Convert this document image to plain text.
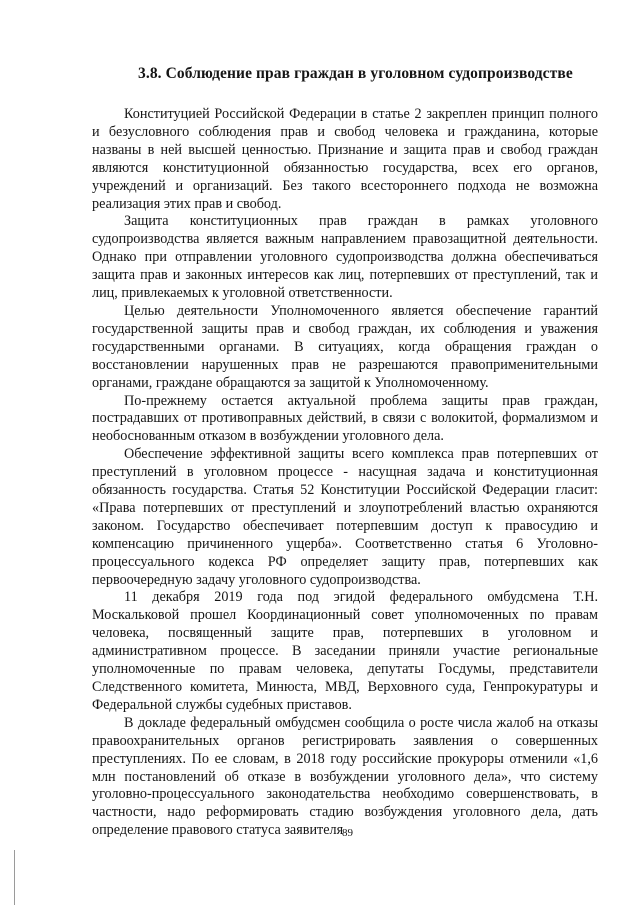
3.8. Соблюдение прав граждан в уголовном судопроизводстве

Конституцией Российской Федерации в статье 2 закреплен принцип полного и безусловного соблюдения прав и свобод человека и гражданина, которые названы в ней высшей ценностью. Признание и защита прав и свобод граждан являются конституционной обязанностью государства, всех его органов, учреждений и организаций. Без такого всестороннего подхода не возможна реализация этих прав и свобод.

Защита конституционных прав граждан в рамках уголовного судопроизводства является важным направлением правозащитной деятельности. Однако при отправлении уголовного судопроизводства должна обеспечиваться защита прав и законных интересов как лиц, потерпевших от преступлений, так и лиц, привлекаемых к уголовной ответственности.

Целью деятельности Уполномоченного является обеспечение гарантий государственной защиты прав и свобод граждан, их соблюдения и уважения государственными органами. В ситуациях, когда обращения граждан о восстановлении нарушенных прав не разрешаются правоприменительными органами, граждане обращаются за защитой к Уполномоченному.

По-прежнему остается актуальной проблема защиты прав граждан, пострадавших от противоправных действий, в связи с волокитой, формализмом и необоснованным отказом в возбуждении уголовного дела.

Обеспечение эффективной защиты всего комплекса прав потерпевших от преступлений в уголовном процессе - насущная задача и конституционная обязанность государства. Статья 52 Конституции Российской Федерации гласит: «Права потерпевших от преступлений и злоупотреблений властью охраняются законом. Государство обеспечивает потерпевшим доступ к правосудию и компенсацию причиненного ущерба». Соответственно статья 6 Уголовно-процессуального кодекса РФ определяет защиту прав, потерпевших как первоочередную задачу уголовного судопроизводства.

11 декабря 2019 года под эгидой федерального омбудсмена Т.Н. Москальковой прошел Координационный совет уполномоченных по правам человека, посвященный защите прав, потерпевших в уголовном и административном процессе. В заседании приняли участие региональные уполномоченные по правам человека, депутаты Госдумы, представители Следственного комитета, Минюста, МВД, Верховного суда, Генпрокуратуры и Федеральной службы судебных приставов.

В докладе федеральный омбудсмен сообщила о росте числа жалоб на отказы правоохранительных органов регистрировать заявления о совершенных преступлениях. По ее словам, в 2018 году российские прокуроры отменили «1,6 млн постановлений об отказе в возбуждении уголовного дела», что систему уголовно-процессуального законодательства необходимо совершенствовать, в частности, надо реформировать стадию возбуждения уголовного дела, дать определение правового статуса заявителя

89
